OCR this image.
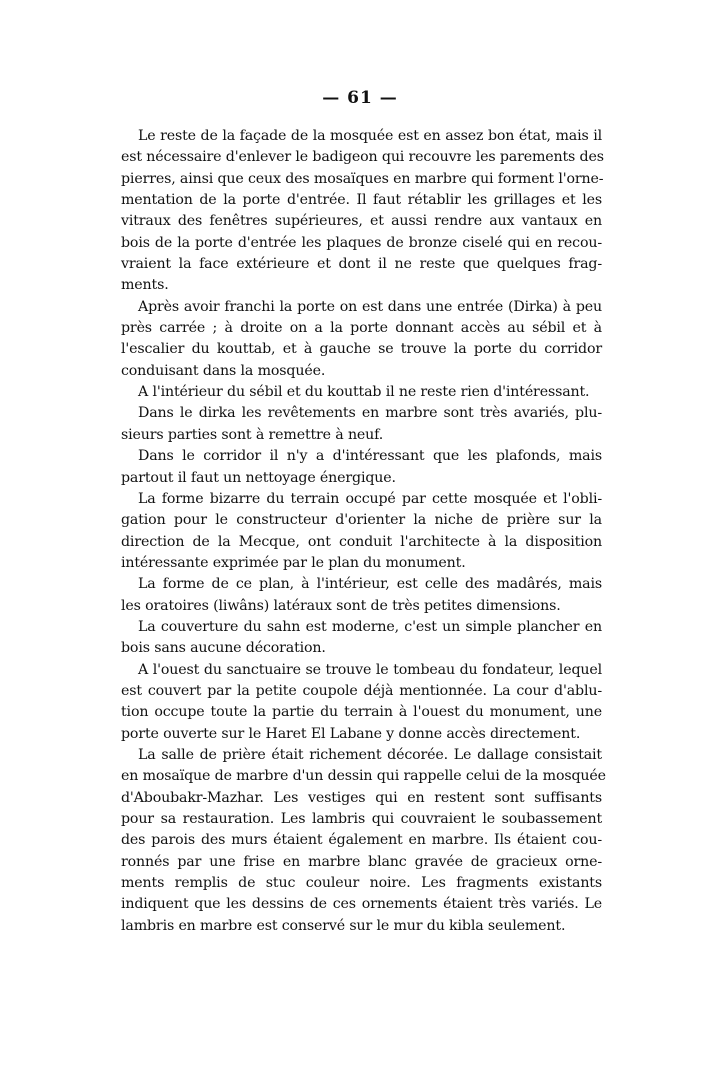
— 61 —
Le reste de la façade de la mosquée est en assez bon état, mais il
est nécessaire d'enlever le badigeon qui recouvre les parements des
pierres, ainsi que ceux des mosaïques en marbre qui forment l'orne-
mentation de la porte d'entrée. Il faut rétablir les grillages et les
vitraux des fenêtres supérieures, et aussi rendre aux vantaux en
bois de la porte d'entrée les plaques de bronze ciselé qui en recou-
vraient la face extérieure et dont il ne reste que quelques frag-
ments.
Après avoir franchi la porte on est dans une entrée (Dirka) à peu
près carrée ; à droite on a la porte donnant accès au sébil et à
l'escalier du kouttab, et à gauche se trouve la porte du corridor
conduisant dans la mosquée.
A l'intérieur du sébil et du kouttab il ne reste rien d'intéressant.
Dans le dirka les revêtements en marbre sont très avariés, plu-
sieurs parties sont à remettre à neuf.
Dans le corridor il n'y a d'intéressant que les plafonds, mais
partout il faut un nettoyage énergique.
La forme bizarre du terrain occupé par cette mosquée et l'obli-
gation pour le constructeur d'orienter la niche de prière sur la
direction de la Mecque, ont conduit l'architecte à la disposition
intéressante exprimée par le plan du monument.
La forme de ce plan, à l'intérieur, est celle des madârés, mais
les oratoires (liwâns) latéraux sont de très petites dimensions.
La couverture du sahn est moderne, c'est un simple plancher en
bois sans aucune décoration.
A l'ouest du sanctuaire se trouve le tombeau du fondateur, lequel
est couvert par la petite coupole déjà mentionnée. La cour d'ablu-
tion occupe toute la partie du terrain à l'ouest du monument, une
porte ouverte sur le Haret El Labane y donne accès directement.
La salle de prière était richement décorée. Le dallage consistait
en mosaïque de marbre d'un dessin qui rappelle celui de la mosquée
d'Aboubakr-Mazhar. Les vestiges qui en restent sont suffisants
pour sa restauration. Les lambris qui couvraient le soubassement
des parois des murs étaient également en marbre. Ils étaient cou-
ronnés par une frise en marbre blanc gravée de gracieux orne-
ments remplis de stuc couleur noire. Les fragments existants
indiquent que les dessins de ces ornements étaient très variés. Le
lambris en marbre est conservé sur le mur du kibla seulement.
